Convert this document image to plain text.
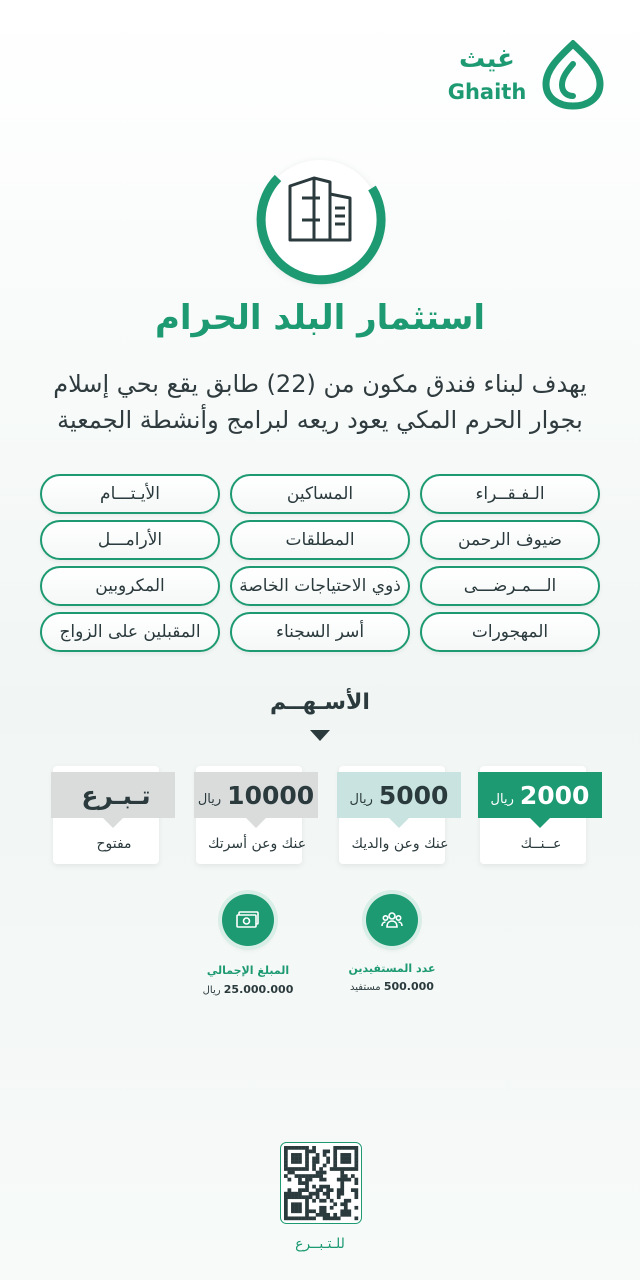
غيث
Ghaith
استثمار البلد الحرام
يهدف لبناء فندق مكون من (22) طابق يقع بحي إسلام بجوار الحرم المكي يعود ريعه لبرامج وأنشطة الجمعية
الـفـقــراء
المساكين
الأيـتـــام
ضيوف الرحمن
المطلقات
الأرامـــل
الـــمـرضـــى
ذوي الاحتياجات الخاصة
المكروبين
المهجورات
أسر السجناء
المقبلين على الزواج
الأسـهــم
2000
ريال
عــنــك
5000
ريال
عنك وعن والديك
10000
ريال
عنك وعن أسرتك
تـبـرع
مفتوح
عدد المستفيدين
500.000 مستفيد
المبلغ الإجمالي
25.000.000 ريال
للـتـبــرع
